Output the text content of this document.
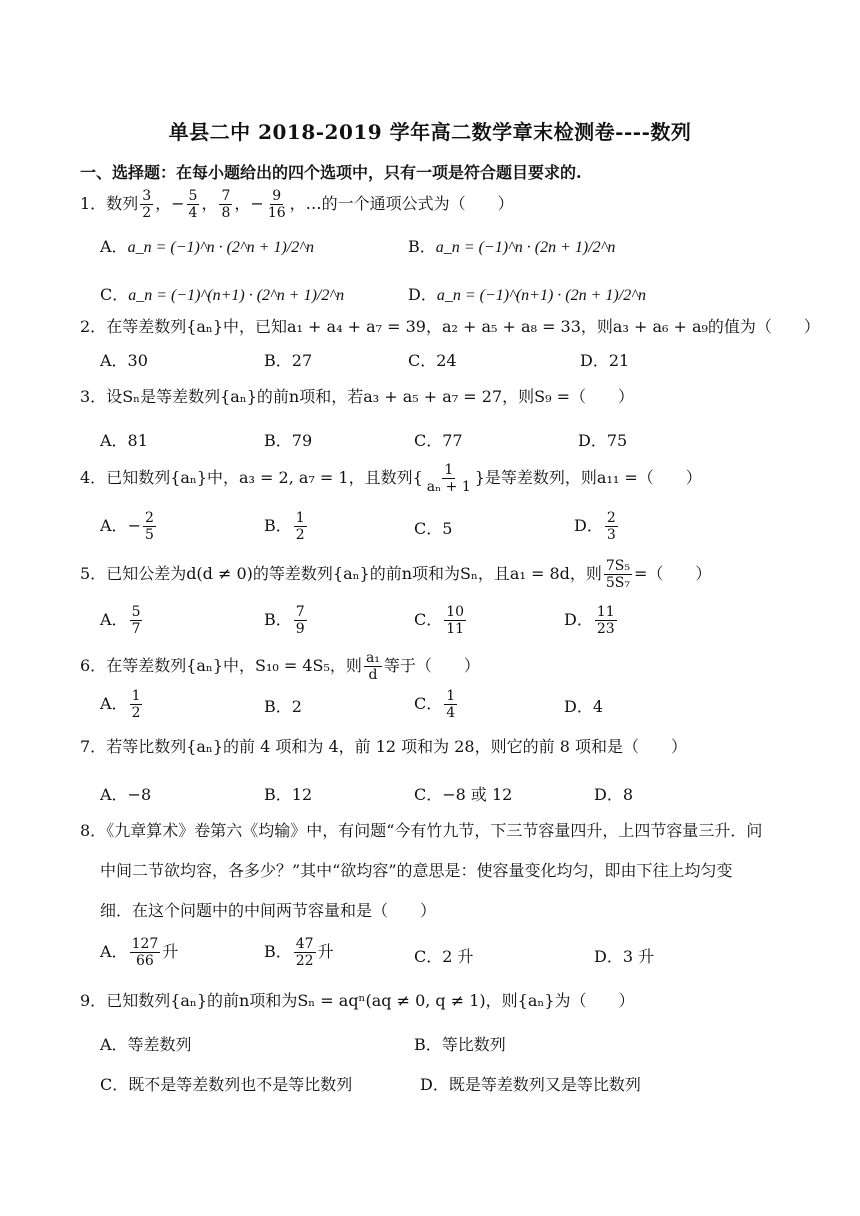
单县二中 2018-2019 学年高二数学章末检测卷----数列
一、选择题：在每小题给出的四个选项中，只有一项是符合题目要求的.
1．数列 $\frac{3}{2}$ ，− $\frac{5}{4}$ ， $\frac{7}{8}$ ，− $\frac{9}{16}$ ，…的一个通项公式为（　　）
A．a_n = (−1)^n · (2^n + 1)/2^n	B．a_n = (−1)^n · (2n + 1)/2^n
C．a_n = (−1)^(n+1) · (2^n + 1)/2^n	D．a_n = (−1)^(n+1) · (2n + 1)/2^n
2．在等差数列{aₙ}中，已知a₁ + a₄ + a₇ = 39，a₂ + a₅ + a₈ = 33，则a₃ + a₆ + a₉的值为（　　）
A．30	B．27	C．24	D．21
3．设Sₙ是等差数列{aₙ}的前n项和，若a₃ + a₅ + a₇ = 27，则S₉ =（　　）
A．81	B．79	C．77	D．75
4．已知数列{aₙ}中，a₃ = 2, a₇ = 1，且数列{ $\frac{1}{\text{aₙ + 1}}$ }是等差数列，则a₁₁ =（　　）
A．− $\frac{2}{5}$	B． $\frac{1}{2}$	C．5	D． $\frac{2}{3}$
5．已知公差为d(d ≠ 0)的等差数列{aₙ}的前n项和为Sₙ，且a₁ = 8d，则 $\frac{\text{7S₅}}{\text{5S₇}}$ =（　　）
A． $\frac{5}{7}$	B． $\frac{7}{9}$	C． $\frac{10}{11}$	D． $\frac{11}{23}$
6．在等差数列{aₙ}中，S₁₀ = 4S₅，则 $\frac{\text{a₁}}{d}$ 等于（　　）
A． $\frac{1}{2}$	B．2	C． $\frac{1}{4}$	D．4
7．若等比数列{aₙ}的前 4 项和为 4，前 12 项和为 28，则它的前 8 项和是（　　）
A．−8	B．12	C．−8 或 12	D．8
8．《九章算术》卷第六《均输》中，有问题“今有竹九节，下三节容量四升，上四节容量三升．问
中间二节欲均容，各多少？”其中“欲均容”的意思是：使容量变化均匀，即由下往上均匀变
细．在这个问题中的中间两节容量和是（　　）
A． $\frac{127}{66}$ 升	B． $\frac{47}{22}$ 升	C．2 升	D．3 升
9．已知数列{aₙ}的前n项和为Sₙ = aqⁿ(aq ≠ 0, q ≠ 1)，则{aₙ}为（　　）
A．等差数列	B．等比数列
C．既不是等差数列也不是等比数列	D．既是等差数列又是等比数列
